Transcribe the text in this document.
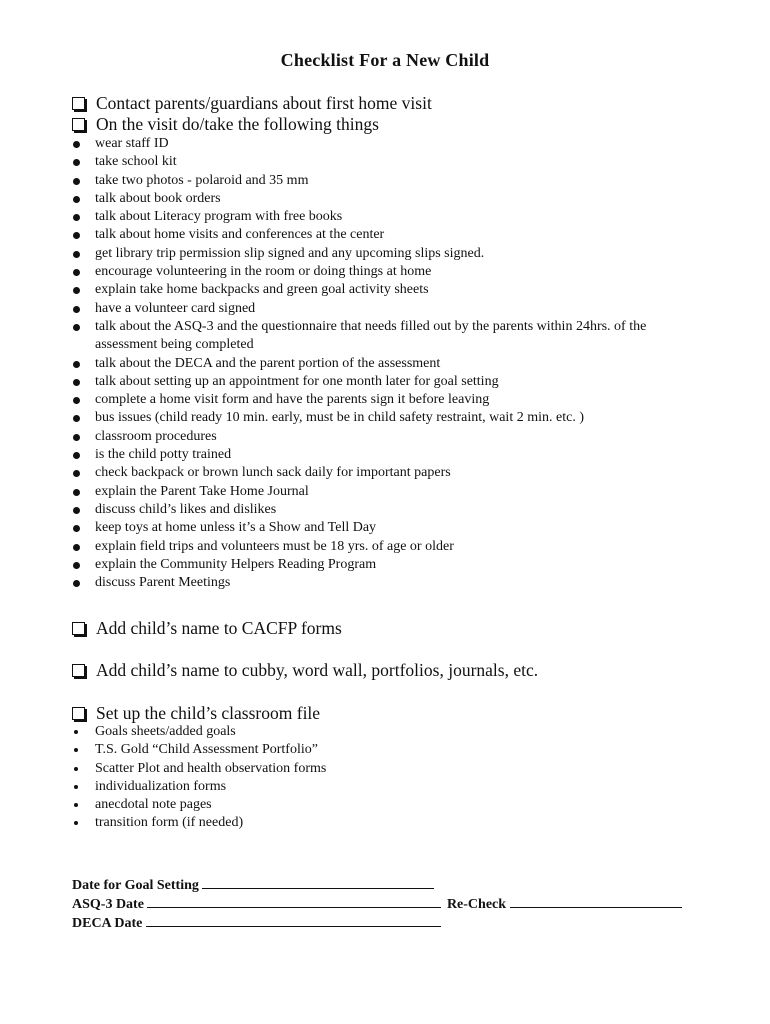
Checklist For a New Child
Contact parents/guardians about first home visit
On the visit do/take the following things
wear staff ID
take school kit
take two photos - polaroid and 35 mm
talk about book orders
talk about Literacy program with free books
talk about home visits and conferences at the center
get library trip permission slip signed and any upcoming slips signed.
encourage volunteering in the room or doing things at home
explain take home backpacks and green goal activity sheets
have a volunteer card signed
talk about the ASQ-3 and the questionnaire that needs filled out by the parents within 24hrs. of the assessment being completed
talk about the DECA and the parent portion of the assessment
talk about setting up an appointment for one month later for goal setting
complete a home visit form and have the parents sign it before leaving
bus issues (child ready 10 min. early, must be in child safety restraint, wait 2 min. etc. )
classroom procedures
is the child potty trained
check backpack or brown lunch sack daily for important papers
explain the Parent Take Home Journal
discuss child’s likes and dislikes
keep toys at home unless it’s a Show and Tell Day
explain field trips and volunteers must be 18 yrs. of age or older
explain the Community Helpers Reading Program
discuss Parent Meetings
Add child’s name to CACFP forms
Add child’s name to cubby, word wall, portfolios, journals, etc.
Set up the child’s classroom file
Goals sheets/added goals
T.S. Gold “Child Assessment Portfolio”
Scatter Plot and health observation forms
individualization forms
anecdotal note pages
transition form (if needed)
Date for Goal Setting
ASQ-3 Date	Re-Check
DECA Date
